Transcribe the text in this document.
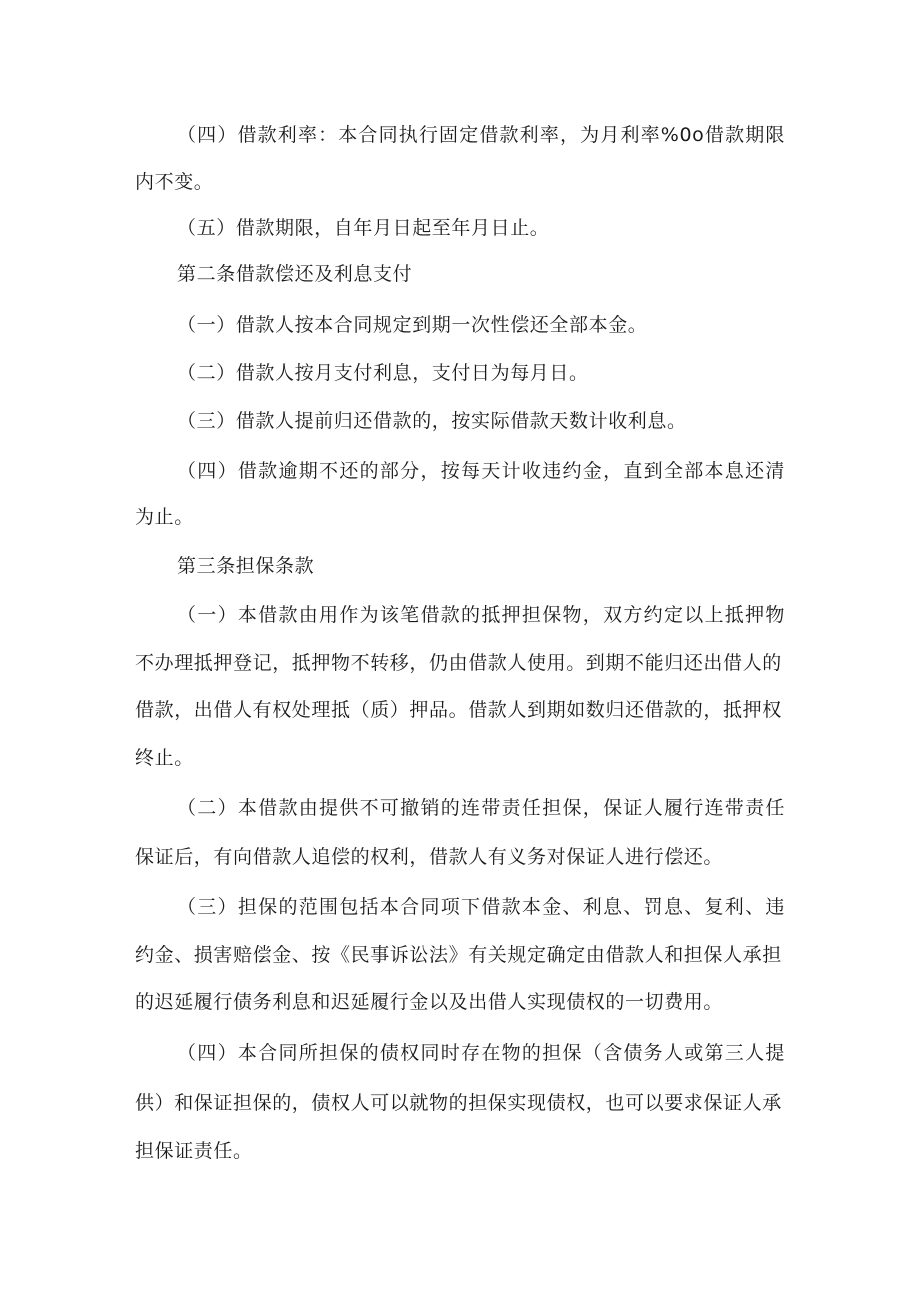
（四）借款利率：本合同执行固定借款利率，为月利率%0o借款期限
内不变。
（五）借款期限，自年月日起至年月日止。
第二条借款偿还及利息支付
（一）借款人按本合同规定到期一次性偿还全部本金。
（二）借款人按月支付利息，支付日为每月日。
（三）借款人提前归还借款的，按实际借款天数计收利息。
（四）借款逾期不还的部分，按每天计收违约金，直到全部本息还清
为止。
第三条担保条款
（一）本借款由用作为该笔借款的抵押担保物，双方约定以上抵押物
不办理抵押登记，抵押物不转移，仍由借款人使用。到期不能归还出借人的
借款，出借人有权处理抵（质）押品。借款人到期如数归还借款的，抵押权
终止。
（二）本借款由提供不可撤销的连带责任担保，保证人履行连带责任
保证后，有向借款人追偿的权利，借款人有义务对保证人进行偿还。
（三）担保的范围包括本合同项下借款本金、利息、罚息、复利、违
约金、损害赔偿金、按《民事诉讼法》有关规定确定由借款人和担保人承担
的迟延履行债务利息和迟延履行金以及出借人实现债权的一切费用。
（四）本合同所担保的债权同时存在物的担保（含债务人或第三人提
供）和保证担保的，债权人可以就物的担保实现债权，也可以要求保证人承
担保证责任。
